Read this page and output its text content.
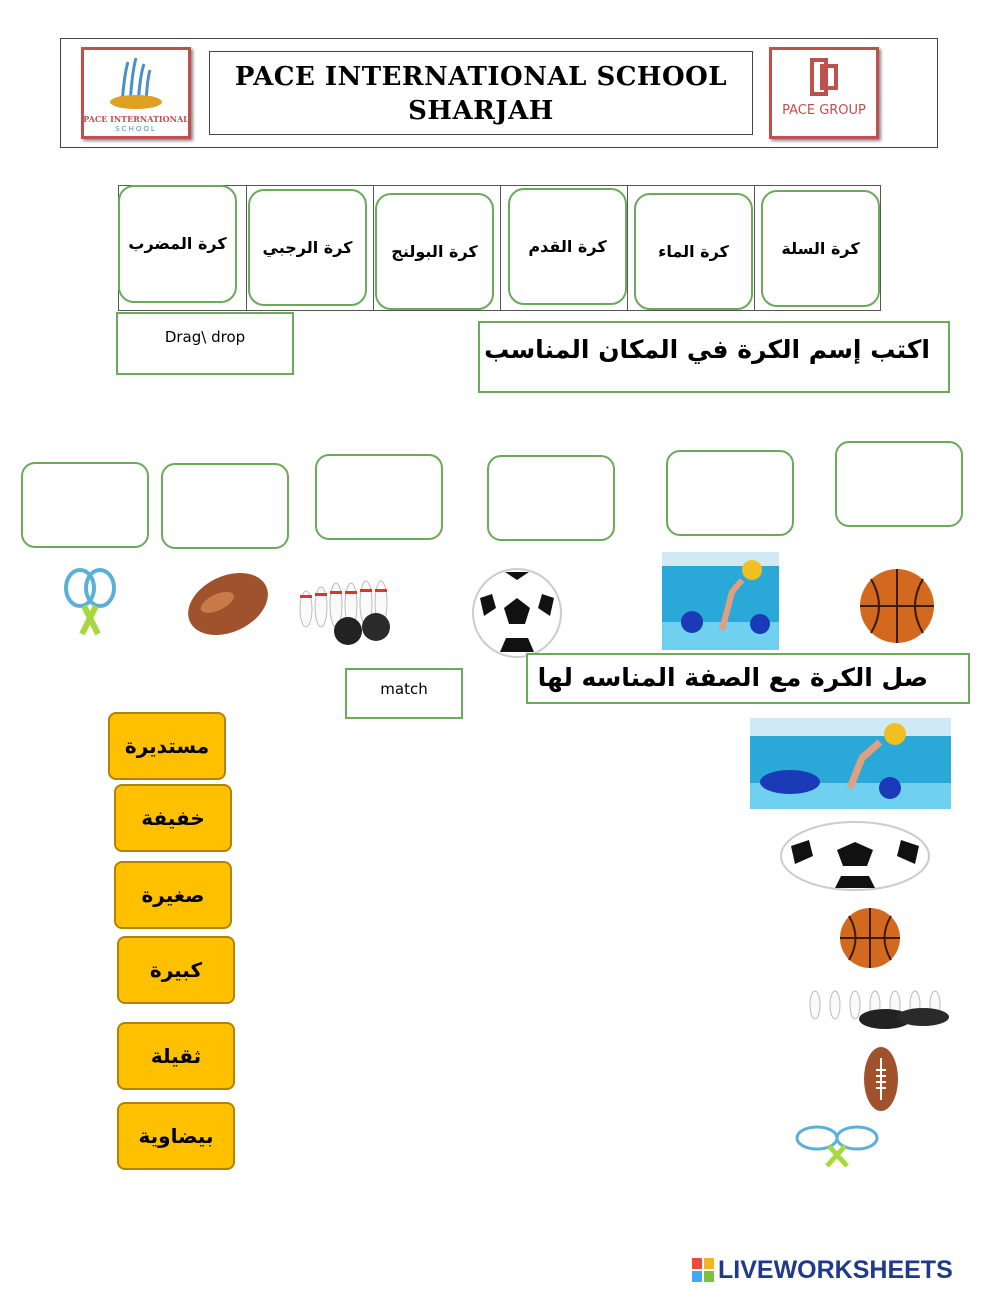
PACE INTERNATIONAL
SCHOOL
PACE INTERNATIONAL SCHOOL
SHARJAH	PACE GROUP
كرة المضرب	كرة الرجبي	كرة البولنج	كرة القدم	كرة الماء	كرة السلة
Drag\ drop	اكتب إسم الكرة في المكان المناسب
match	صل الكرة مع الصفة المناسه لها
مستديرة
خفيفة
صغيرة
كبيرة
ثقيلة
بيضاوية
LIVEWORKSHEETS
